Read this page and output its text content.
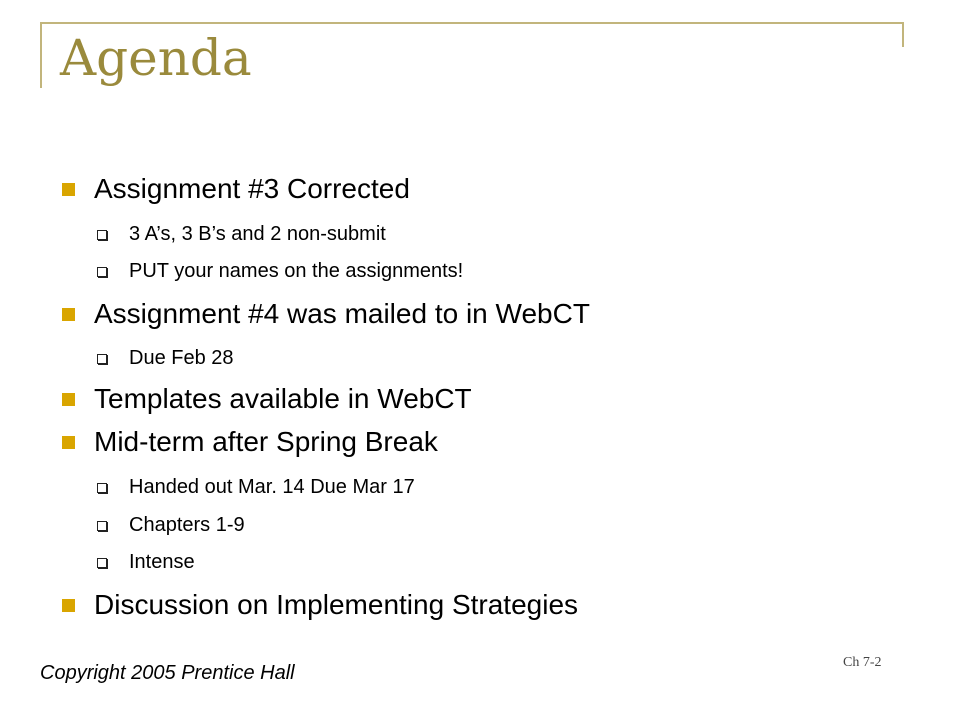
Agenda
Assignment #3 Corrected
3 A’s, 3 B’s and 2 non-submit
PUT your names on the assignments!
Assignment #4 was mailed to in WebCT
Due Feb 28
Templates available in WebCT
Mid-term after Spring Break
Handed out Mar. 14 Due Mar 17
Chapters 1-9
Intense
Discussion on Implementing Strategies
Copyright 2005 Prentice Hall	Ch 7-2
